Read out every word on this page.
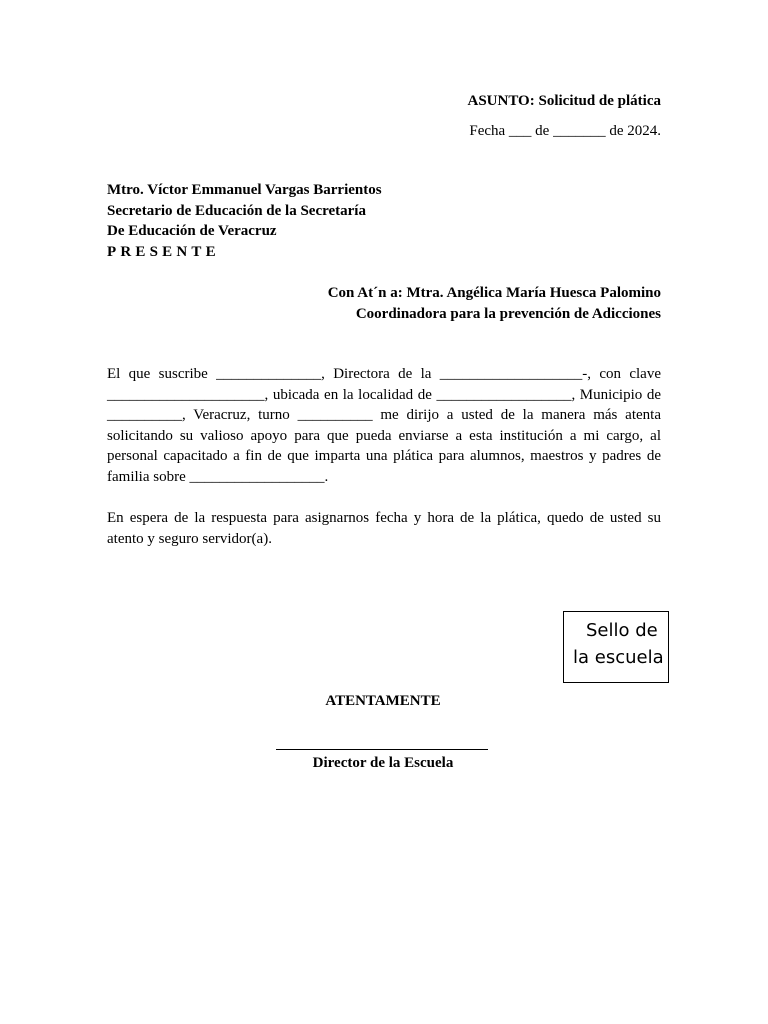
ASUNTO: Solicitud de plática
Fecha ___ de _______ de 2024.
Mtro. Víctor Emmanuel Vargas Barrientos
Secretario de Educación de la Secretaría
De Educación de Veracruz
PRESENTE
Con At´n a: Mtra. Angélica María Huesca Palomino
Coordinadora para la prevención de Adicciones

El que suscribe ______________, Directora de la ___________________-, con clave _____________________, ubicada en la localidad de __________________, Municipio de __________, Veracruz, turno __________ me dirijo a usted de la manera más atenta solicitando su valioso apoyo para que pueda enviarse a esta institución a mi cargo, al personal capacitado a fin de que imparta una plática para alumnos, maestros y padres de familia sobre __________________.

En espera de la respuesta para asignarnos fecha y hora de la plática, quedo de usted su atento y seguro servidor(a).

Sello de
la escuela
ATENTAMENTE
Director de la Escuela
